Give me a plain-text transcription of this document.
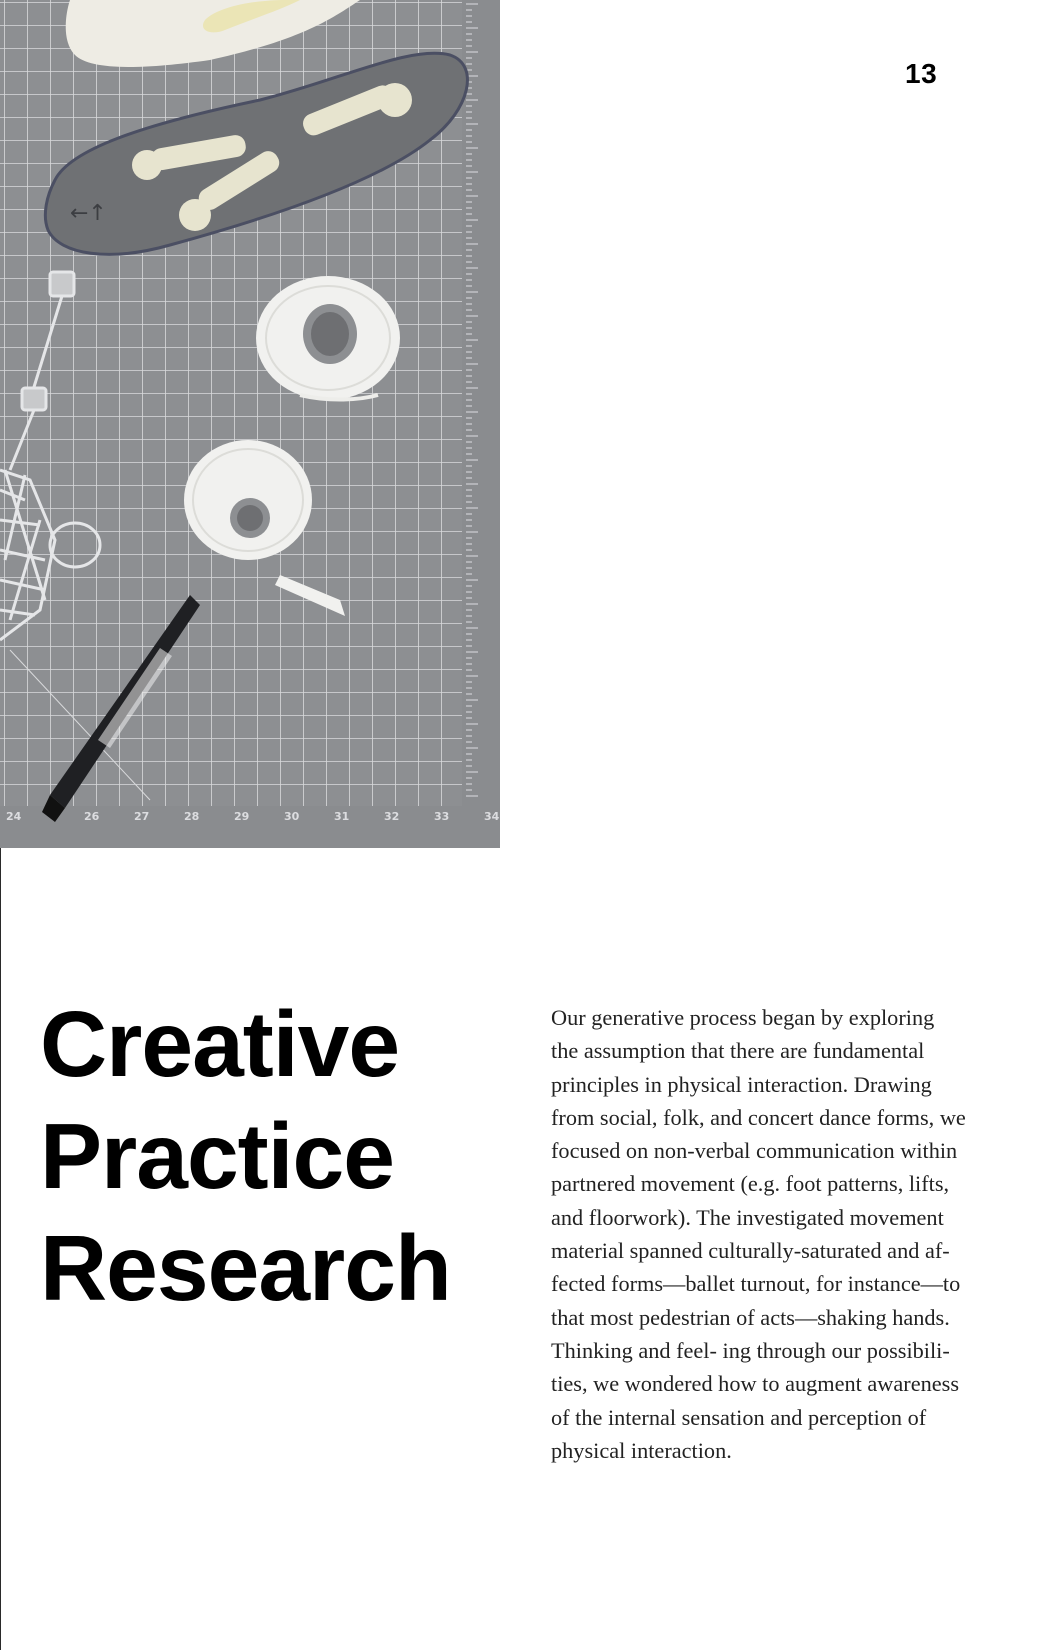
24	26	27	28	29	30	31	32	33	34
←↑
13
Creative
Practice
Research
Our generative process began by exploring
the assumption that there are fundamental
principles in physical interaction. Drawing
from social, folk, and concert dance forms, we
focused on non-verbal communication within
partnered movement (e.g. foot patterns, lifts,
and floorwork). The investigated movement
material spanned culturally-saturated and af-
fected forms—ballet turnout, for instance—to
that most pedestrian of acts—shaking hands.
Thinking and feel- ing through our possibili-
ties, we wondered how to augment awareness
of the internal sensation and perception of
physical interaction.
